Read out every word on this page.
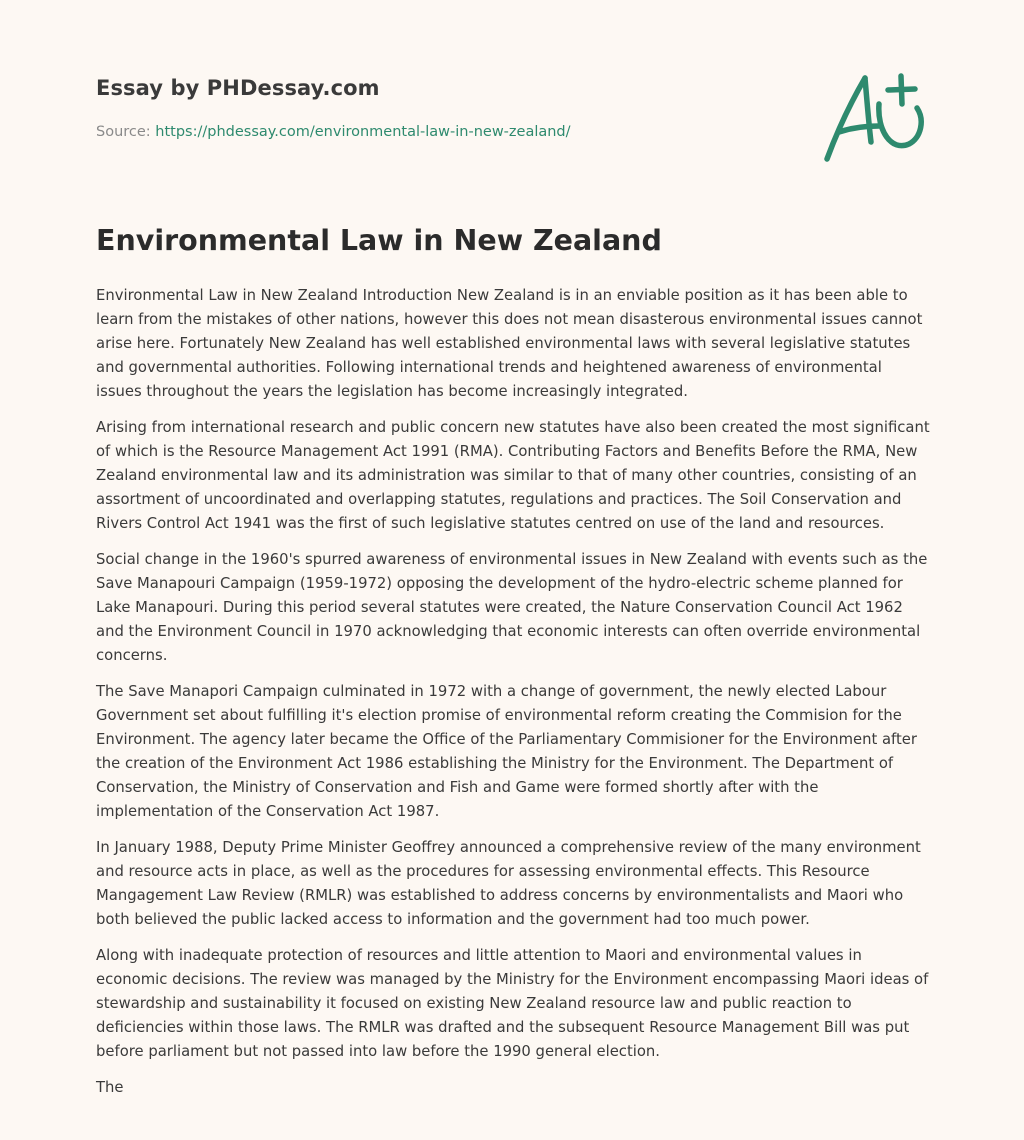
Essay by PHDessay.com
Source: https://phdessay.com/environmental-law-in-new-zealand/
Environmental Law in New Zealand

Environmental Law in New Zealand Introduction New Zealand is in an enviable position as it has been able to learn from the mistakes of other nations, however this does not mean disasterous environmental issues cannot arise here. Fortunately New Zealand has well established environmental laws with several legislative statutes and governmental authorities. Following international trends and heightened awareness of environmental issues throughout the years the legislation has become increasingly integrated.

Arising from international research and public concern new statutes have also been created the most significant of which is the Resource Management Act 1991 (RMA). Contributing Factors and Benefits Before the RMA, New Zealand environmental law and its administration was similar to that of many other countries, consisting of an assortment of uncoordinated and overlapping statutes, regulations and practices. The Soil Conservation and Rivers Control Act 1941 was the first of such legislative statutes centred on use of the land and resources.

Social change in the 1960's spurred awareness of environmental issues in New Zealand with events such as the Save Manapouri Campaign (1959-1972) opposing the development of the hydro-electric scheme planned for Lake Manapouri. During this period several statutes were created, the Nature Conservation Council Act 1962 and the Environment Council in 1970 acknowledging that economic interests can often override environmental concerns.

The Save Manapori Campaign culminated in 1972 with a change of government, the newly elected Labour Government set about fulfilling it's election promise of environmental reform creating the Commision for the Environment. The agency later became the Office of the Parliamentary Commisioner for the Environment after the creation of the Environment Act 1986 establishing the Ministry for the Environment. The Department of Conservation, the Ministry of Conservation and Fish and Game were formed shortly after with the implementation of the Conservation Act 1987.

In January 1988, Deputy Prime Minister Geoffrey announced a comprehensive review of the many environment and resource acts in place, as well as the procedures for assessing environmental effects. This Resource Mangagement Law Review (RMLR) was established to address concerns by environmentalists and Maori who both believed the public lacked access to information and the government had too much power.

Along with inadequate protection of resources and little attention to Maori and environmental values in economic decisions. The review was managed by the Ministry for the Environment encompassing Maori ideas of stewardship and sustainability it focused on existing New Zealand resource law and public reaction to deficiencies within those laws. The RMLR was drafted and the subsequent Resource Management Bill was put before parliament but not passed into law before the 1990 general election.

The
